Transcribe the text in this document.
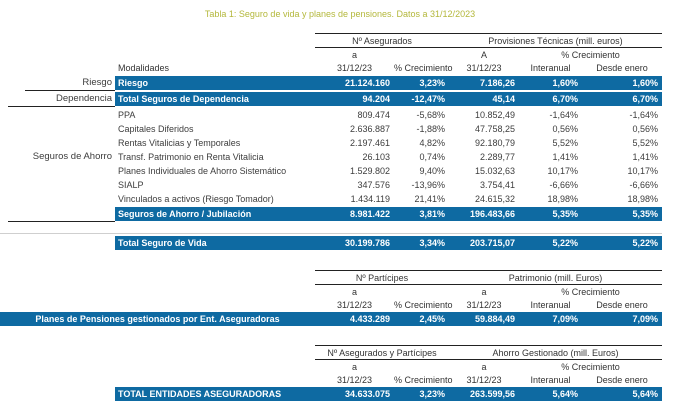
Tabla 1: Seguro de vida y planes de pensiones. Datos a 31/12/2023
Nº Asegurados	Provisiones Técnicas (mill. euros)
a	A	% Crecimiento
Modalidades	31/12/23	% Crecimiento	31/12/23	Interanual	Desde enero
Riesgo
Dependencia
Seguros de Ahorro
Riesgo	21.124.160	3,23%	7.186,26	1,60%	1,60%
Total Seguros de Dependencia	94.204	-12,47%	45,14	6,70%	6,70%
PPA	809.474	-5,68%	10.852,49	-1,64%	-1,64%
Capitales Diferidos	2.636.887	-1,88%	47.758,25	0,56%	0,56%
Rentas Vitalicias y Temporales	2.197.461	4,82%	92.180,79	5,52%	5,52%
Transf. Patrimonio en Renta Vitalicia	26.103	0,74%	2.289,77	1,41%	1,41%
Planes Individuales de Ahorro Sistemático	1.529.802	9,40%	15.032,63	10,17%	10,17%
SIALP	347.576	-13,96%	3.754,41	-6,66%	-6,66%
Vinculados a activos (Riesgo Tomador)	1.434.119	21,41%	24.615,32	18,98%	18,98%
Seguros de Ahorro / Jubilación	8.981.422	3,81%	196.483,66	5,35%	5,35%
Total Seguro de Vida	30.199.786	3,34%	203.715,07	5,22%	5,22%
Nº Partícipes	Patrimonio (mill. Euros)
a	a	% Crecimiento
31/12/23	% Crecimiento	31/12/23	Interanual	Desde enero
Planes de Pensiones gestionados por Ent. Aseguradoras	4.433.289	2,45%	59.884,49	7,09%	7,09%
Nº Asegurados y Partícipes	Ahorro Gestionado (mill. Euros)
a	a	% Crecimiento
31/12/23	% Crecimiento	31/12/23	Interanual	Desde enero
TOTAL ENTIDADES ASEGURADORAS	34.633.075	3,23%	263.599,56	5,64%	5,64%
